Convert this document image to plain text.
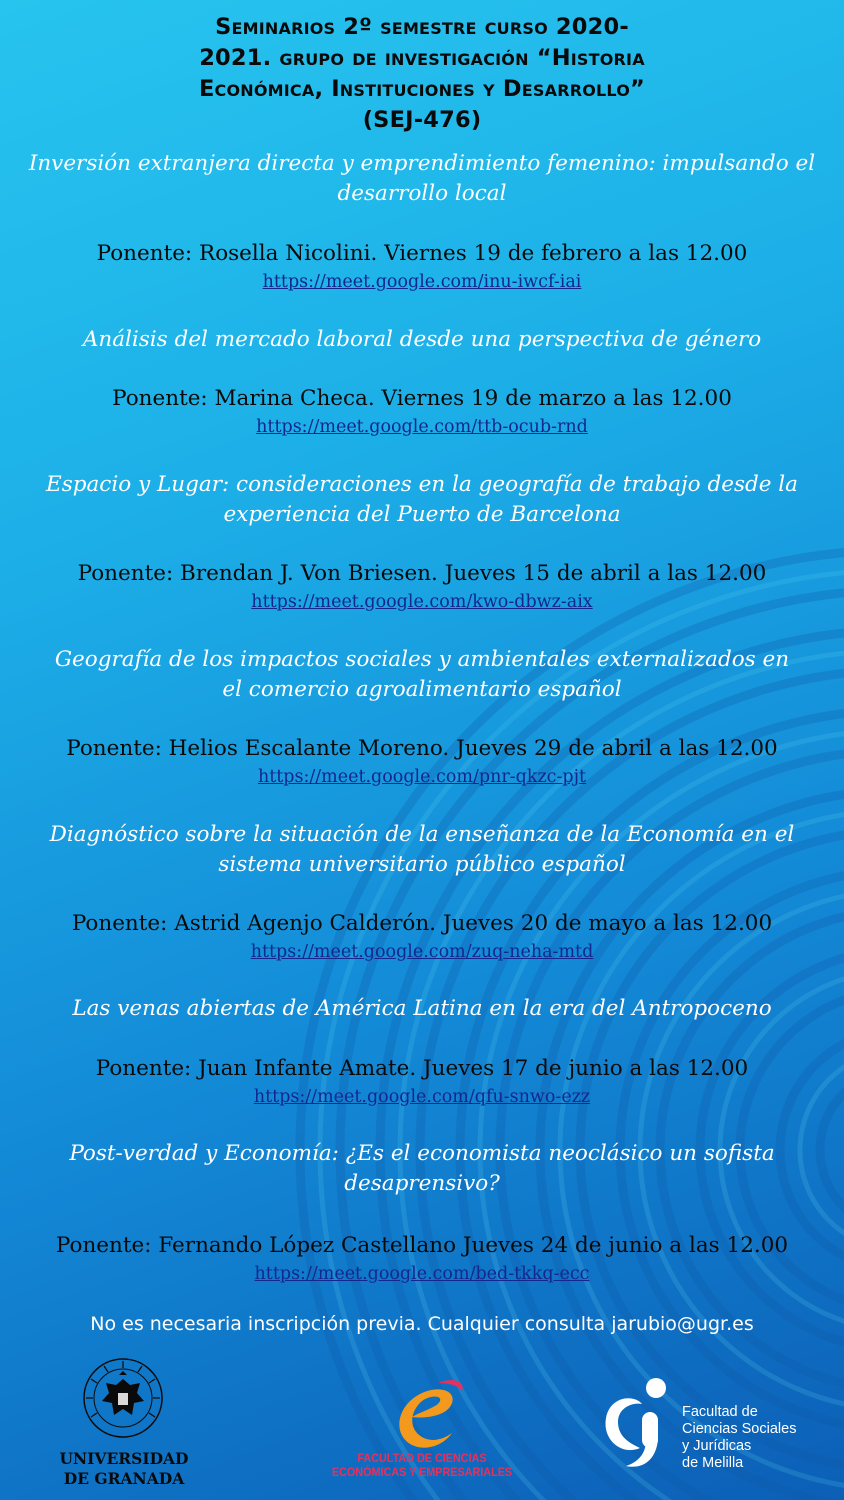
Seminarios 2º semestre curso 2020-
2021. grupo de investigación “Historia
Económica, Instituciones y Desarrollo”
(SEJ-476)
Inversión extranjera directa y emprendimiento femenino: impulsando el
desarrollo local
Ponente: Rosella Nicolini. Viernes 19 de febrero a las 12.00
https://meet.google.com/inu-iwcf-iai
Análisis del mercado laboral desde una perspectiva de género
Ponente: Marina Checa. Viernes 19 de marzo a las 12.00
https://meet.google.com/ttb-ocub-rnd
Espacio y Lugar: consideraciones en la geografía de trabajo desde la
experiencia del Puerto de Barcelona
Ponente: Brendan J. Von Briesen. Jueves 15 de abril a las 12.00
https://meet.google.com/kwo-dbwz-aix
Geografía de los impactos sociales y ambientales externalizados en
el comercio agroalimentario español
Ponente: Helios Escalante Moreno. Jueves 29 de abril a las 12.00
https://meet.google.com/pnr-qkzc-pjt
Diagnóstico sobre la situación de la enseñanza de la Economía en el
sistema universitario público español
Ponente: Astrid Agenjo Calderón. Jueves 20 de mayo a las 12.00
https://meet.google.com/zuq-neha-mtd
Las venas abiertas de América Latina en la era del Antropoceno
Ponente: Juan Infante Amate. Jueves 17 de junio a las 12.00
https://meet.google.com/qfu-snwo-ezz
Post-verdad y Economía: ¿Es el economista neoclásico un sofista
desaprensivo?
Ponente: Fernando López Castellano Jueves 24 de junio a las 12.00
https://meet.google.com/bed-tkkq-ecc
No es necesaria inscripción previa. Cualquier consulta jarubio@ugr.es
UNIVERSIDAD
DE GRANADA
FACULTAD DE CIENCIAS
ECONÓMICAS Y EMPRESARIALES
Facultad de
Ciencias Sociales
y Jurídicas
de Melilla
